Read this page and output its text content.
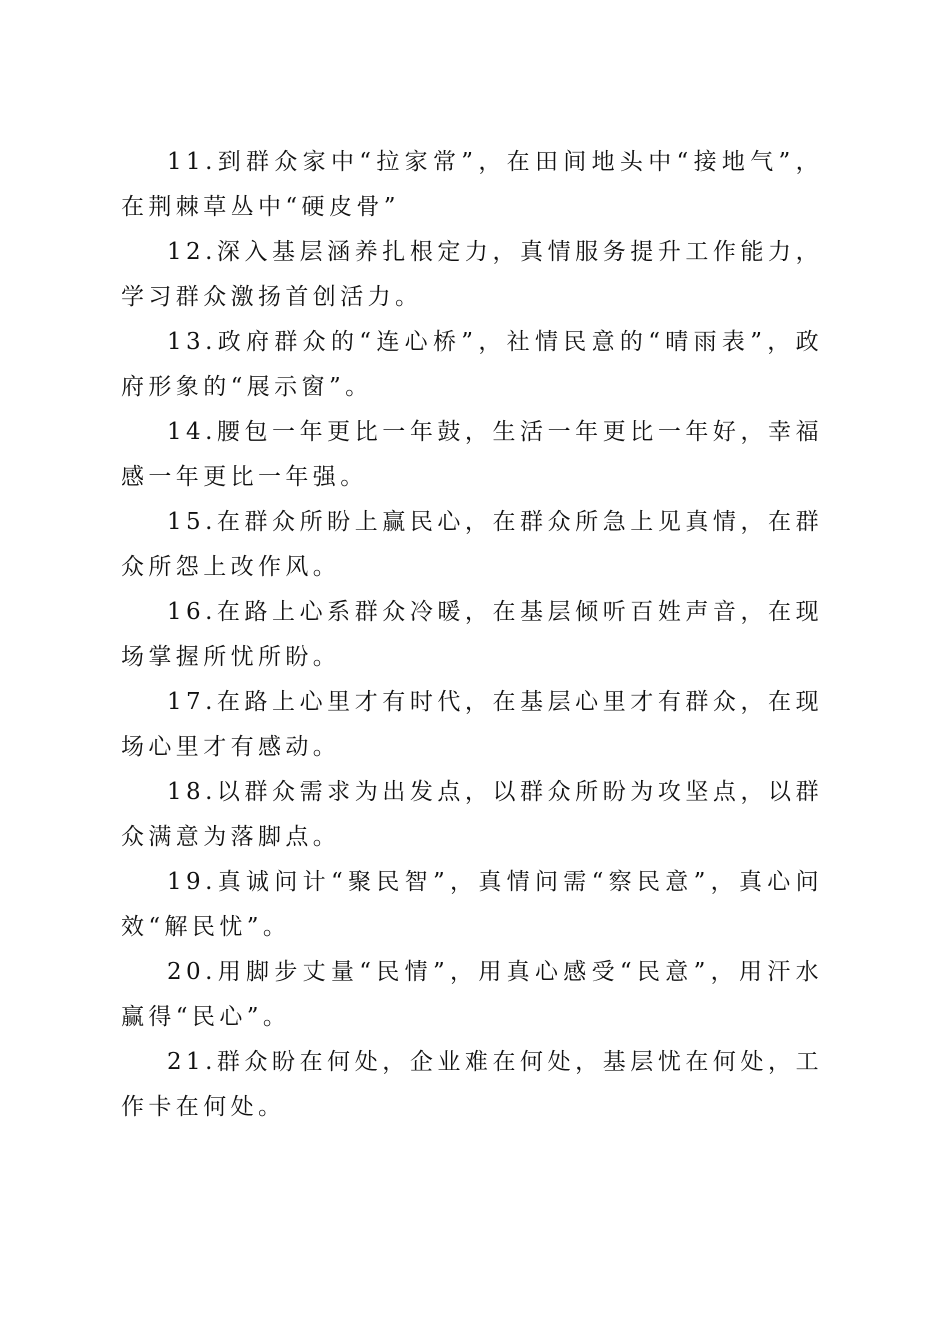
11.到群众家中“拉家常”，在田间地头中“接地气”，在荆棘草丛中“硬皮骨”

12.深入基层涵养扎根定力，真情服务提升工作能力，学习群众激扬首创活力。

13.政府群众的“连心桥”，社情民意的“晴雨表”，政府形象的“展示窗”。

14.腰包一年更比一年鼓，生活一年更比一年好，幸福感一年更比一年强。

15.在群众所盼上赢民心，在群众所急上见真情，在群众所怨上改作风。

16.在路上心系群众冷暖，在基层倾听百姓声音，在现场掌握所忧所盼。

17.在路上心里才有时代，在基层心里才有群众，在现场心里才有感动。

18.以群众需求为出发点，以群众所盼为攻坚点，以群众满意为落脚点。

19.真诚问计“聚民智”，真情问需“察民意”，真心问效“解民忧”。

20.用脚步丈量“民情”，用真心感受“民意”，用汗水赢得“民心”。

21.群众盼在何处，企业难在何处，基层忧在何处，工作卡在何处。
